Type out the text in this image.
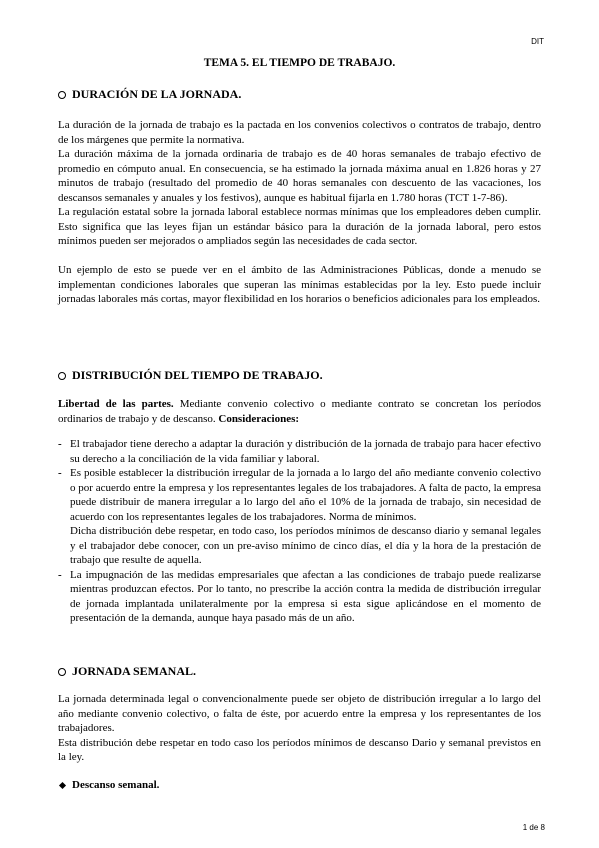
DIT
TEMA 5. EL TIEMPO DE TRABAJO.
DURACIÓN DE LA JORNADA.

La duración de la jornada de trabajo es la pactada en los convenios colectivos o contratos de trabajo, dentro de los márgenes que permite la normativa.

La duración máxima de la jornada ordinaria de trabajo es de 40 horas semanales de trabajo efectivo de promedio en cómputo anual. En consecuencia, se ha estimado la jornada máxima anual en 1.826 horas y 27 minutos de trabajo (resultado del promedio de 40 horas semanales con descuento de las vacaciones, los descansos semanales y anuales y los festivos), aunque es habitual fijarla en 1.780 horas (TCT 1-7-86).

La regulación estatal sobre la jornada laboral establece normas mínimas que los empleadores deben cumplir. Esto significa que las leyes fijan un estándar básico para la duración de la jornada laboral, pero estos mínimos pueden ser mejorados o ampliados según las necesidades de cada sector.

Un ejemplo de esto se puede ver en el ámbito de las Administraciones Públicas, donde a menudo se implementan condiciones laborales que superan las mínimas establecidas por la ley. Esto puede incluir jornadas laborales más cortas, mayor flexibilidad en los horarios o beneficios adicionales para los empleados.

DISTRIBUCIÓN DEL TIEMPO DE TRABAJO.

Libertad de las partes. Mediante convenio colectivo o mediante contrato se concretan los períodos ordinarios de trabajo y de descanso. Consideraciones:

- El trabajador tiene derecho a adaptar la duración y distribución de la jornada de trabajo para hacer efectivo su derecho a la conciliación de la vida familiar y laboral.

- Es posible establecer la distribución irregular de la jornada a lo largo del año mediante convenio colectivo o por acuerdo entre la empresa y los representantes legales de los trabajadores. A falta de pacto, la empresa puede distribuir de manera irregular a lo largo del año el 10% de la jornada de trabajo, sin necesidad de acuerdo con los representantes legales de los trabajadores. Norma de mínimos.

Dicha distribución debe respetar, en todo caso, los períodos mínimos de descanso diario y semanal legales y el trabajador debe conocer, con un pre-aviso mínimo de cinco días, el día y la hora de la prestación de trabajo que resulte de aquella.

- La impugnación de las medidas empresariales que afectan a las condiciones de trabajo puede realizarse mientras produzcan efectos. Por lo tanto, no prescribe la acción contra la medida de distribución irregular de jornada implantada unilateralmente por la empresa si esta sigue aplicándose en el momento de presentación de la demanda, aunque haya pasado más de un año.

JORNADA SEMANAL.

La jornada determinada legal o convencionalmente puede ser objeto de distribución irregular a lo largo del año mediante convenio colectivo, o falta de éste, por acuerdo entre la empresa y los representantes de los trabajadores.

Esta distribución debe respetar en todo caso los períodos mínimos de descanso Dario y semanal previstos en la ley.

Descanso semanal.
1 de 8
